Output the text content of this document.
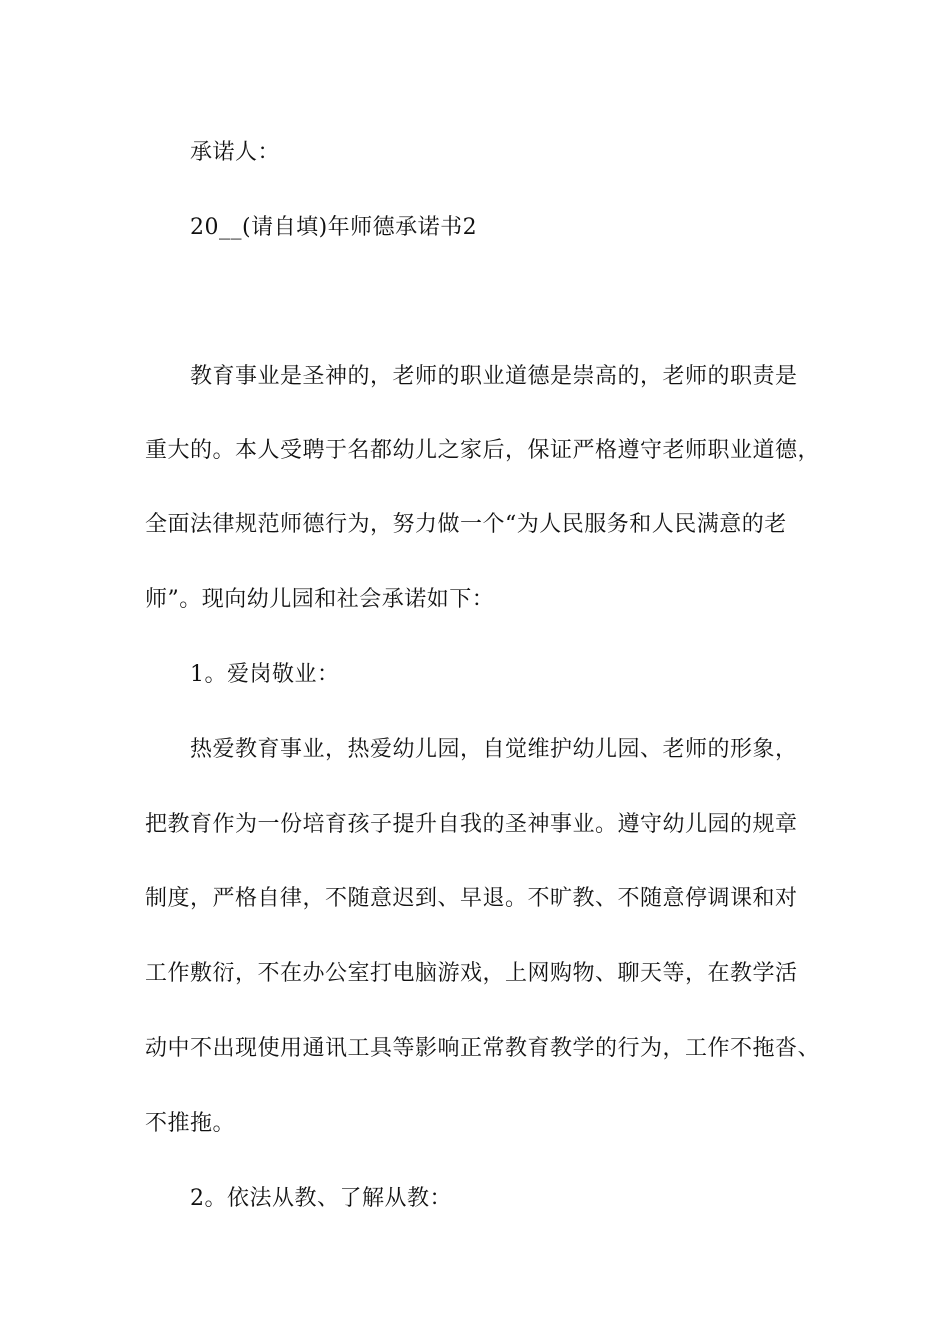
承诺人：
20__(请自填)年师德承诺书2
教育事业是圣神的，老师的职业道德是崇高的，老师的职责是
重大的。本人受聘于名都幼儿之家后，保证严格遵守老师职业道德，
全面法律规范师德行为，努力做一个“为人民服务和人民满意的老
师”。现向幼儿园和社会承诺如下：
1。爱岗敬业：
热爱教育事业，热爱幼儿园，自觉维护幼儿园、老师的形象，
把教育作为一份培育孩子提升自我的圣神事业。遵守幼儿园的规章
制度，严格自律，不随意迟到、早退。不旷教、不随意停调课和对
工作敷衍，不在办公室打电脑游戏，上网购物、聊天等，在教学活
动中不出现使用通讯工具等影响正常教育教学的行为，工作不拖沓、
不推拖。
2。依法从教、了解从教：
